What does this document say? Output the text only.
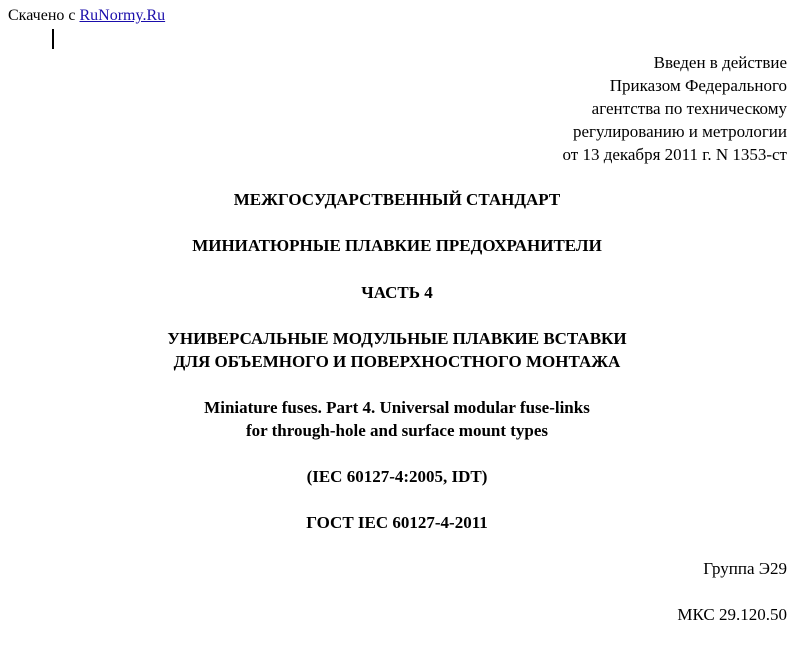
Скачено с RuNormy.Ru
Введен в действие
Приказом Федерального
агентства по техническому
регулированию и метрологии
от 13 декабря 2011 г. N 1353-ст
МЕЖГОСУДАРСТВЕННЫЙ СТАНДАРТ
МИНИАТЮРНЫЕ ПЛАВКИЕ ПРЕДОХРАНИТЕЛИ
ЧАСТЬ 4
УНИВЕРСАЛЬНЫЕ МОДУЛЬНЫЕ ПЛАВКИЕ ВСТАВКИ
ДЛЯ ОБЪЕМНОГО И ПОВЕРХНОСТНОГО МОНТАЖА
Miniature fuses. Part 4. Universal modular fuse-links
for through-hole and surface mount types
(IEC 60127-4:2005, IDT)
ГОСТ IEC 60127-4-2011
Группа Э29
МКС 29.120.50
